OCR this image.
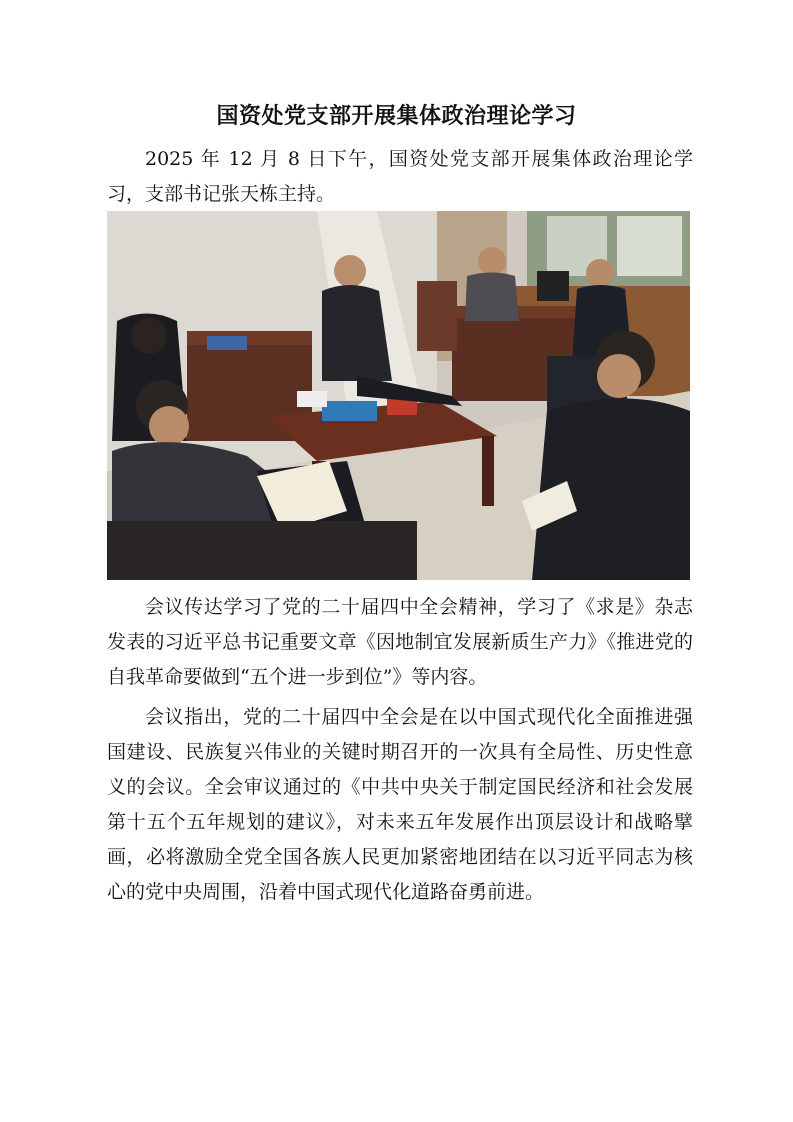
国资处党支部开展集体政治理论学习

2025 年 12 月 8 日下午，国资处党支部开展集体政治理论学习，支部书记张天栋主持。

会议传达学习了党的二十届四中全会精神，学习了《求是》杂志发表的习近平总书记重要文章《因地制宜发展新质生产力》《推进党的自我革命要做到“五个进一步到位”》等内容。

会议指出，党的二十届四中全会是在以中国式现代化全面推进强国建设、民族复兴伟业的关键时期召开的一次具有全局性、历史性意义的会议。全会审议通过的《中共中央关于制定国民经济和社会发展第十五个五年规划的建议》，对未来五年发展作出顶层设计和战略擘画，必将激励全党全国各族人民更加紧密地团结在以习近平同志为核心的党中央周围，沿着中国式现代化道路奋勇前进。
